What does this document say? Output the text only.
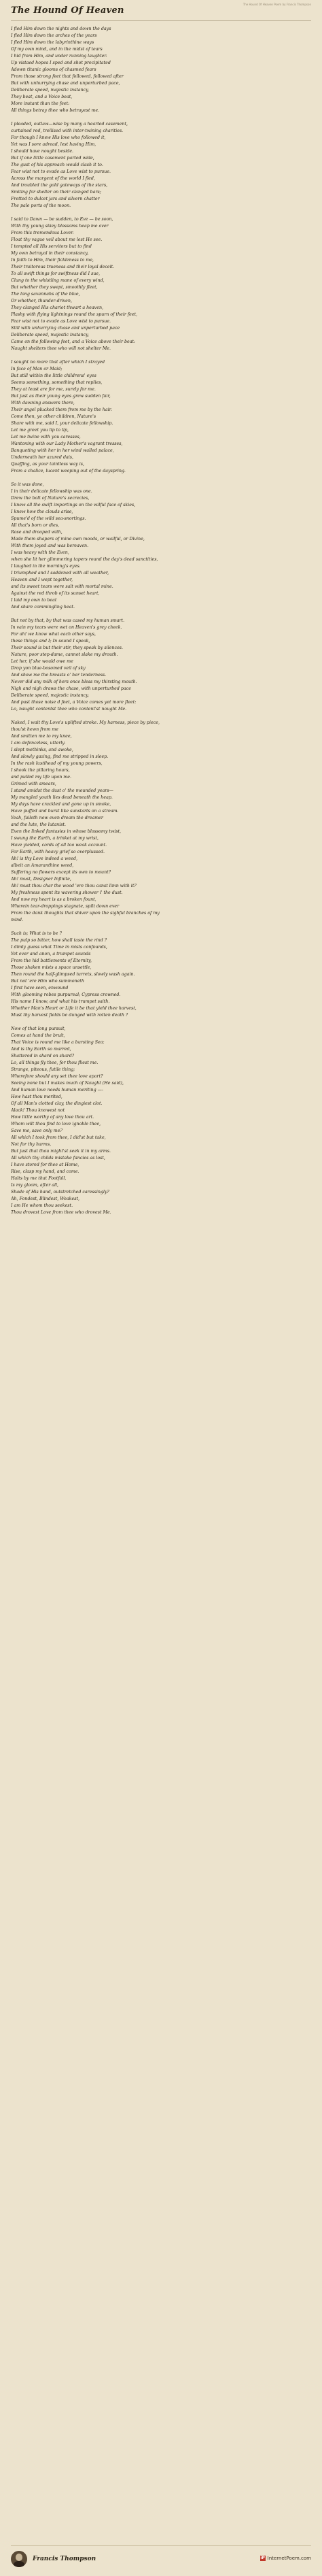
The Hound Of Heaven Poem by Francis Thompson
The Hound Of Heaven
I fled Him down the nights and down the days
I fled Him down the arches of the years
I fled Him down the labyrinthine ways
Of my own mind, and in the midst of tears
I hid from Him, and under running laughter.
Up vistaed hopes I sped and shot precipitated
Adown titanic glooms of chasmed fears
From those strong feet that followed, followed after
But with unhurrying chase and unperturbed pace,
Deliberate speed, majestic instancy,
They beat, and a Voice beat,
More instant than the feet:
All things betray thee who betrayest me.
I pleaded, outlaw—wise by many a hearted casement,
curtained red, trellised with inter-twining charities.
For though I knew His love who followed it,
Yet was I sore adread, lest having Him,
I should have nought beside.
But if one little casement parted wide,
The gust of his approach would clash it to.
Fear wist not to evade as Love wist to pursue.
Across the margent of the world I fled,
And troubled the gold gateways of the stars,
Smiting for shelter on their clanged bars;
Fretted to dulcet jars and silvern chatter
The pale ports of the moon.
I said to Dawn — be sudden, to Eve — be soon,
With thy young skiey blossoms heap me over
From this tremendous Lover.
Float thy vague veil about me lest He see.
I tempted all His servitors but to find
My own betrayal in their constancy,
In faith to Him, their fickleness to me,
Their traitorous trueness and their loyal deceit.
To all swift things for swiftness did I sue,
Clung to the whistling mane of every wind,
But whether they swept, smoothly fleet,
The long savannahs of the blue,
Or whether, thunder-driven,
They clanged His chariot thwart a heaven,
Plashy with flying lightnings round the spurn of their feet,
Fear wist not to evade as Love wist to pursue.
Still with unhurrying chase and unperturbed pace
Deliberate speed, majestic instancy,
Came on the following feet, and a Voice above their beat:
Naught shelters thee who will not shelter Me.
I sought no more that after which I strayed
In face of Man or Maid;
But still within the little childrens' eyes
Seems something, something that replies,
They at least are for me, surely for me.
But just as their young eyes grew sudden fair,
With dawning answers there,
Their angel plucked them from me by the hair.
Come then, ye other children, Nature's
Share with me, said I, your delicate fellowship.
Let me greet you lip to lip,
Let me twine with you caresses,
Wantoning with our Lady Mother's vagrant tresses,
Banqueting with her in her wind walled palace,
Underneath her azured dais,
Quaffing, as your taintless way is,
From a chalice, lucent weeping out of the dayspring.
So it was done,
I in their delicate fellowship was one.
Drew the bolt of Nature's secrecies,
I knew all the swift importings on the wilful face of skies,
I knew how the clouds arise,
Spume'd of the wild sea-snortings.
All that's born or dies,
Rose and drooped with,
Made them shapers of mine own moods, or wailful, or Divine,
With them joyed and was bereaven.
I was heavy with the Even,
when she lit her glimmering tapers round the day's dead sanctities,
I laughed in the morning's eyes.
I triumphed and I saddened with all weather,
Heaven and I wept together,
and its sweet tears were salt with mortal mine.
Against the red throb of its sunset heart,
I laid my own to beat
And share commingling heat.
But not by that, by that was cased my human smart.
In vain my tears were wet on Heaven's grey cheek.
For ah! we know what each other says,
these things and I; In sound I speak,
Their sound is but their stir, they speak by silences.
Nature, poor step-dame, cannot slake my drouth.
Let her, if she would owe me
Drop yon blue-bosomed veil of sky
And show me the breasts o' her tenderness.
Never did any milk of hers once bless my thirsting mouth.
Nigh and nigh draws the chase, with unperturbed pace
Deliberate speed, majestic instancy,
And past those noise d feet, a Voice comes yet more fleet:
Lo, naught contentst thee who content'st nought Me.
Naked, I wait thy Love's uplifted stroke. My harness, piece by piece,
thou'st hewn from me
And smitten me to my knee,
I am defenceless, utterly.
I slept methinks, and awoke,
And slowly gazing, find me stripped in sleep.
In the rash lustihead of my young powers,
I shook the pillaring hours,
and pulled my life upon me.
Grimed with smears,
I stand amidst the dust o' the mounded years—
My mangled youth lies dead beneath the heap.
My days have crackled and gone up in smoke,
Have puffed and burst like sunstarts on a stream.
Yeah, faileth now even dream the dreamer
and the lute, the lutanist.
Even the linked fantasies in whose blossomy twist,
I swung the Earth, a trinket at my wrist,
Have yielded, cords of all too weak account.
For Earth, with heavy grief so overplussed.
Ah! is thy Love indeed a weed,
albeit an Amaranthine weed,
Suffering no flowers except its own to mount?
Ah! must, Designer Infinite,
Ah! must thou char the wood 'ere thou canst limn with it?
My freshness spent its wavering shower i' the dust.
And now my heart is as a broken fount,
Wherein tear-droppings stagnate, spilt down ever
From the dank thoughts that shiver upon the sighful branches of my
mind.
Such is; What is to be ?
The pulp so bitter, how shall taste the rind ?
I dimly guess what Time in mists confounds,
Yet ever and anon, a trumpet sounds
From the hid battlements of Eternity,
Those shaken mists a space unsettle,
Then round the half-glimpsed turrets, slowly wash again.
But not 'ere Him who summoneth
I first have seen, enwound
With glooming robes purpureal; Cypress crowned.
His name I know, and what his trumpet saith.
Whether Man's Heart or Life it be that yield thee harvest,
Must thy harvest fields be dunged with rotten death ?
Now of that long pursuit,
Comes at hand the bruit,
That Voice is round me like a bursting Sea:
And is thy Earth so marred,
Shattered in shard on shard?
Lo, all things fly thee, for thou fliest me.
Strange, piteous, futile thing;
Wherefore should any set thee love apart?
Seeing none but I makes much of Naught (He said),
And human love needs human meriting —-
How hast thou merited,
Of all Man's clotted clay, the dingiest clot.
Alack! Thou knowest not
How little worthy of any love thou art.
Whom wilt thou find to love ignoble thee,
Save me, save only me?
All which I took from thee, I did'st but take,
Not for thy harms,
But just that thou might'st seek it in my arms.
All which thy childs mistake fancies as lost,
I have stored for thee at Home,
Rise, clasp my hand, and come.
Halts by me that Footfall,
Is my gloom, after all,
Shade of His hand, outstretched caressingly?
Ah, Fondest, Blindest, Weakest,
I am He whom thou seekest.
Thou drovest Love from thee who drovest Me.
Francis Thompson	iP InternetPoem.com
